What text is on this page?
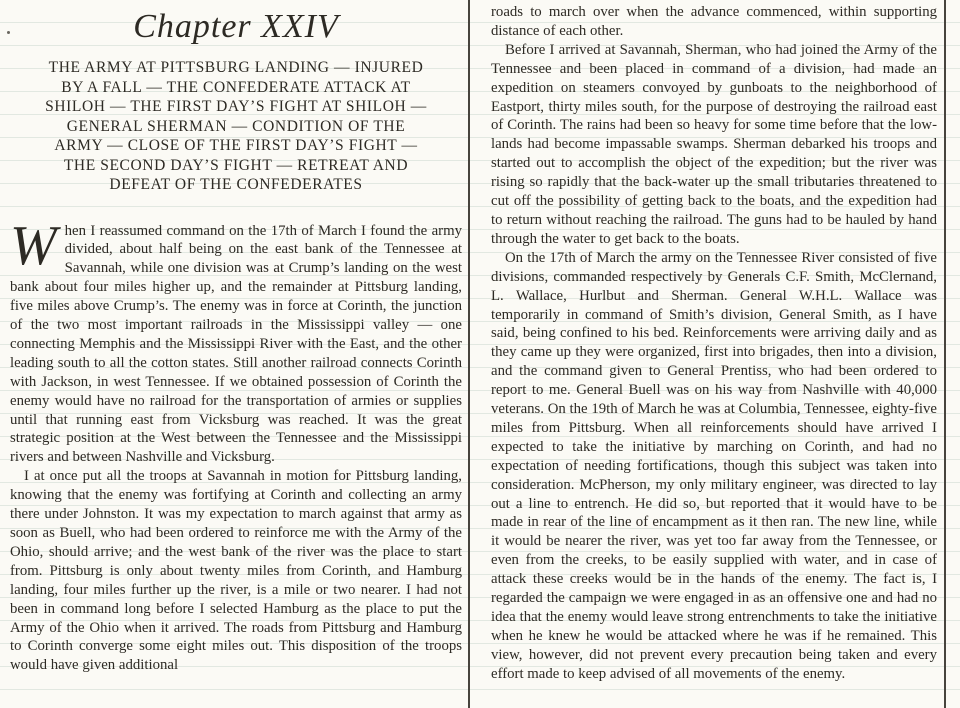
Chapter XXIV
THE ARMY AT PITTSBURG LANDING — INJURED
BY A FALL — THE CONFEDERATE ATTACK AT
SHILOH — THE FIRST DAY’S FIGHT AT SHILOH —
GENERAL SHERMAN — CONDITION OF THE
ARMY — CLOSE OF THE FIRST DAY’S FIGHT —
THE SECOND DAY’S FIGHT — RETREAT AND
DEFEAT OF THE CONFEDERATES

When I reassumed command on the 17th of March I found the army divided, about half being on the east bank of the Tennessee at Savannah, while one division was at Crump’s landing on the west bank about four miles higher up, and the remainder at Pittsburg landing, five miles above Crump’s. The enemy was in force at Corinth, the junction of the two most important railroads in the Mississippi valley — one connecting Memphis and the Mississippi River with the East, and the other leading south to all the cotton states. Still another railroad connects Corinth with Jackson, in west Tennessee. If we obtained possession of Corinth the enemy would have no railroad for the transportation of armies or supplies until that running east from Vicksburg was reached. It was the great strategic position at the West between the Tennessee and the Mississippi rivers and between Nashville and Vicksburg.

I at once put all the troops at Savannah in motion for Pittsburg landing, knowing that the enemy was fortifying at Corinth and collecting an army there under Johnston. It was my expectation to march against that army as soon as Buell, who had been ordered to reinforce me with the Army of the Ohio, should arrive; and the west bank of the river was the place to start from. Pittsburg is only about twenty miles from Corinth, and Hamburg landing, four miles further up the river, is a mile or two nearer. I had not been in command long before I selected Hamburg as the place to put the Army of the Ohio when it arrived. The roads from Pittsburg and Hamburg to Corinth converge some eight miles out. This disposition of the troops would have given additional

roads to march over when the advance commenced, within supporting distance of each other.

Before I arrived at Savannah, Sherman, who had joined the Army of the Tennessee and been placed in command of a division, had made an expedition on steamers convoyed by gunboats to the neighborhood of Eastport, thirty miles south, for the purpose of destroying the railroad east of Corinth. The rains had been so heavy for some time before that the low-lands had become impassable swamps. Sherman debarked his troops and started out to accomplish the object of the expedition; but the river was rising so rapidly that the back-water up the small tributaries threatened to cut off the possibility of getting back to the boats, and the expedition had to return without reaching the railroad. The guns had to be hauled by hand through the water to get back to the boats.

On the 17th of March the army on the Tennessee River consisted of five divisions, commanded respectively by Generals C.F. Smith, McClernand, L. Wallace, Hurlbut and Sherman. General W.H.L. Wallace was temporarily in command of Smith’s division, General Smith, as I have said, being confined to his bed. Reinforcements were arriving daily and as they came up they were organized, first into brigades, then into a division, and the command given to General Prentiss, who had been ordered to report to me. General Buell was on his way from Nashville with 40,000 veterans. On the 19th of March he was at Columbia, Tennessee, eighty-five miles from Pittsburg. When all reinforcements should have arrived I expected to take the initiative by marching on Corinth, and had no expectation of needing fortifications, though this subject was taken into consideration. McPherson, my only military engineer, was directed to lay out a line to entrench. He did so, but reported that it would have to be made in rear of the line of encampment as it then ran. The new line, while it would be nearer the river, was yet too far away from the Tennessee, or even from the creeks, to be easily supplied with water, and in case of attack these creeks would be in the hands of the enemy. The fact is, I regarded the campaign we were engaged in as an offensive one and had no idea that the enemy would leave strong entrenchments to take the initiative when he knew he would be attacked where he was if he remained. This view, however, did not prevent every precaution being taken and every effort made to keep advised of all movements of the enemy.
